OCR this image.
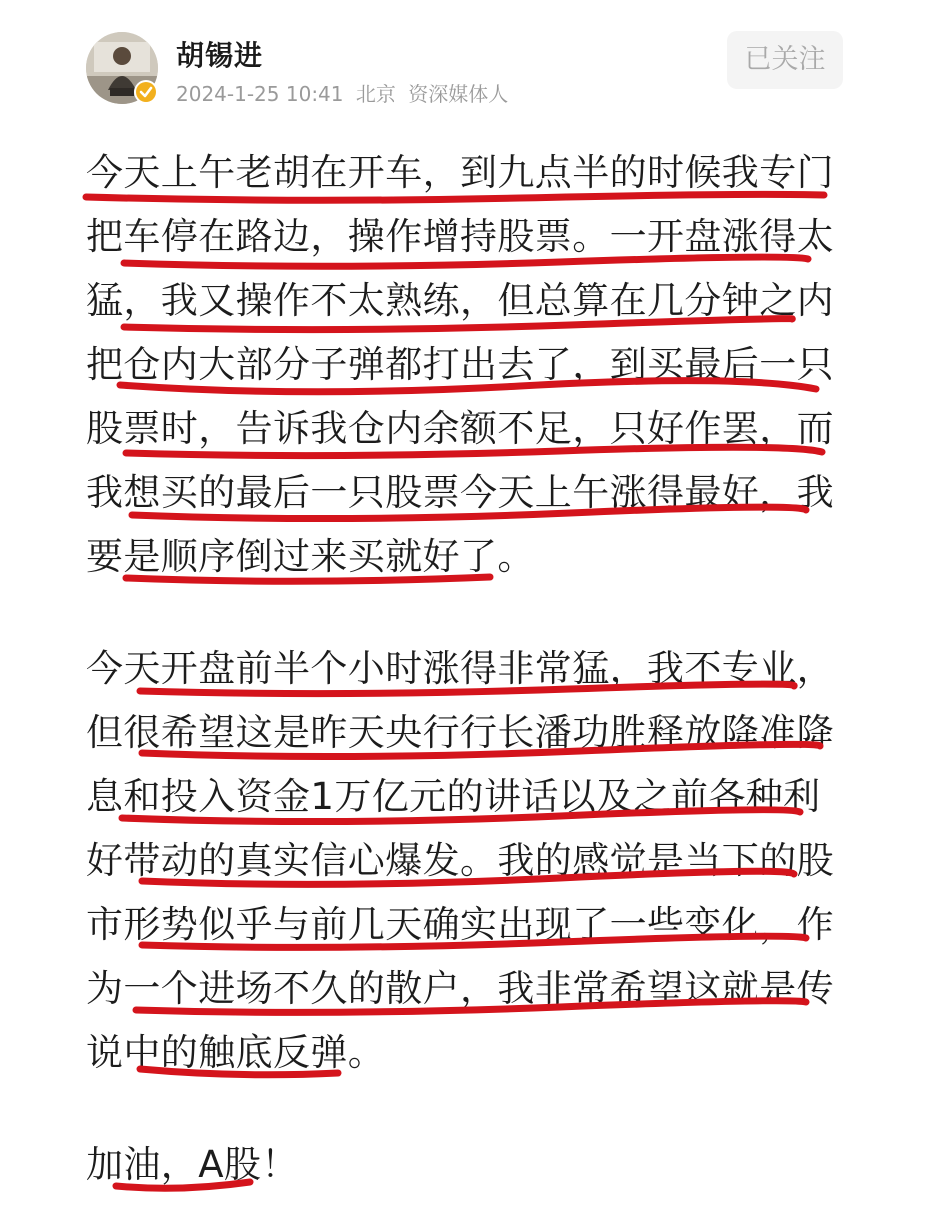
胡锡进
2024-1-25 10:41 北京 资深媒体人
已关注
今天上午老胡在开车，到九点半的时候我专门
把车停在路边，操作增持股票。一开盘涨得太
猛，我又操作不太熟练，但总算在几分钟之内
把仓内大部分子弹都打出去了，到买最后一只
股票时，告诉我仓内余额不足，只好作罢，而
我想买的最后一只股票今天上午涨得最好，我
要是顺序倒过来买就好了。
今天开盘前半个小时涨得非常猛，我不专业，
但很希望这是昨天央行行长潘功胜释放降准降
息和投入资金1万亿元的讲话以及之前各种利
好带动的真实信心爆发。我的感觉是当下的股
市形势似乎与前几天确实出现了一些变化，作
为一个进场不久的散户，我非常希望这就是传
说中的触底反弹。
加油，A股！
